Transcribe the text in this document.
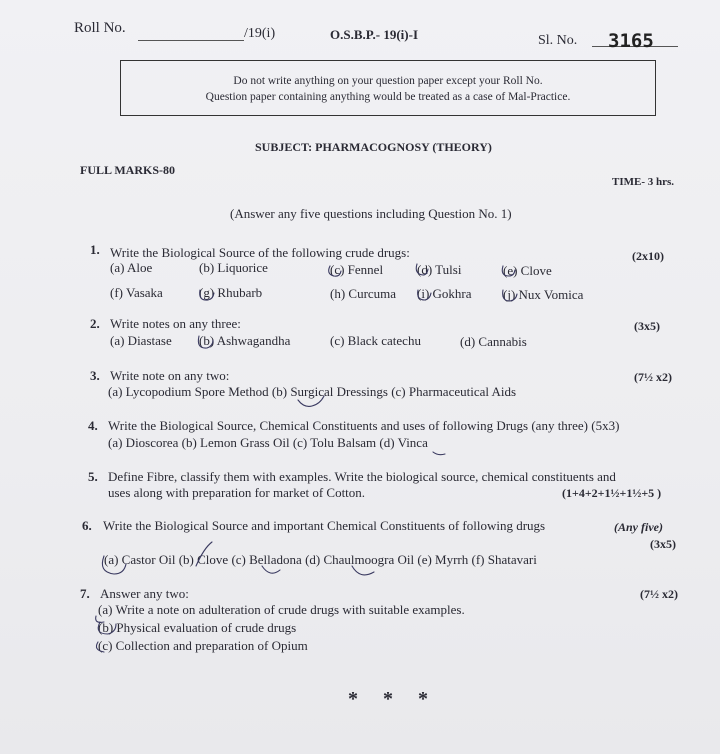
Roll No.	/19(i)	O.S.B.P.- 19(i)-I	Sl. No. 3165
Do not write anything on your question paper except your Roll No.
Question paper containing anything would be treated as a case of Mal-Practice.
SUBJECT: PHARMACOGNOSY (THEORY)
FULL MARKS-80
TIME- 3 hrs.
(Answer any five questions including Question No. 1)
1. Write the Biological Source of the following crude drugs:	(2x10)
(a) Aloe	(b) Liquorice	(c) Fennel	(d) Tulsi	(e) Clove
(f) Vasaka	(g) Rhubarb	(h) Curcuma (i) Gokhra (j) Nux Vomica
2. Write notes on any three:	(3x5)
(a) Diastase (b) Ashwagandha	(c) Black catechu	(d) Cannabis
3. Write note on any two:	(7½ x2)
(a) Lycopodium Spore Method (b) Surgical Dressings (c) Pharmaceutical Aids
4. Write the Biological Source, Chemical Constituents and uses of following Drugs (any three) (5x3)
(a) Dioscorea (b) Lemon Grass Oil (c) Tolu Balsam (d) Vinca
5. Define Fibre, classify them with examples. Write the biological source, chemical constituents and
uses along with preparation for market of Cotton.	(1+4+2+1½+1½+5 )
6. Write the Biological Source and important Chemical Constituents of following drugs	(Any five)
(3x5)
(a) Castor Oil (b) Clove (c) Belladona (d) Chaulmoogra Oil (e) Myrrh (f) Shatavari
7. Answer any two:	(7½ x2)
(a) Write a note on adulteration of crude drugs with suitable examples.
(b) Physical evaluation of crude drugs
(c) Collection and preparation of Opium
* * *
